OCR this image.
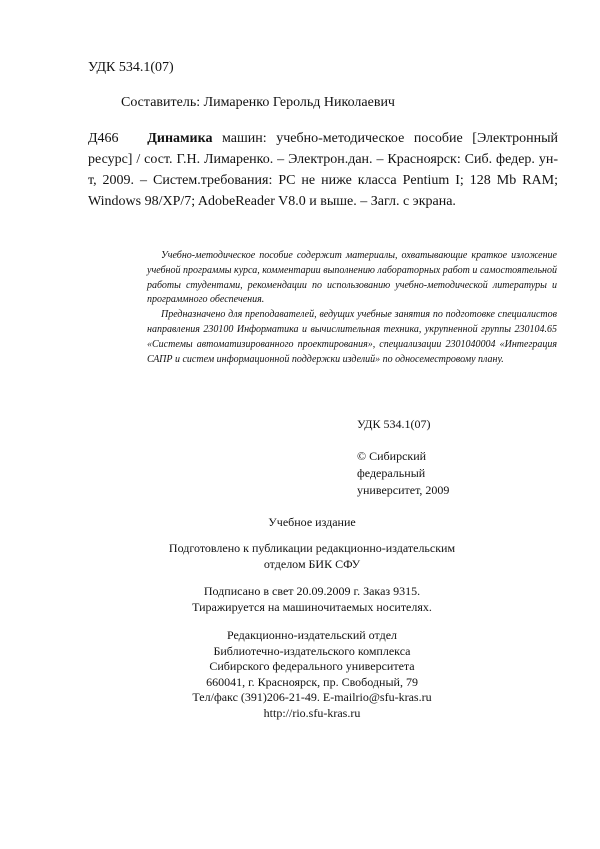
УДК 534.1(07)
Составитель: Лимаренко Герольд Николаевич
Д466 Динамика машин: учебно-методическое пособие [Электронный ресурс] / сост. Г.Н. Лимаренко. – Электрон.дан. – Красноярск: Сиб. федер. ун-т, 2009. – Систем.требования: PC не ниже класса Pentium I; 128 Mb RAM; Windows 98/XP/7; AdobeReader V8.0 и выше. – Загл. с экрана.

Учебно-методическое пособие содержит материалы, охватывающие краткое изложение учебной программы курса, комментарии выполнению лабораторных работ и самостоятельной работы студентами, рекомендации по использованию учебно-методической литературы и программного обеспечения.

Предназначено для преподавателей, ведущих учебные занятия по подготовке специалистов направления 230100 Информатика и вычислительная техника, укрупненной группы 230104.65 «Системы автоматизированного проектирования», специализации 2301040004 «Интеграция САПР и систем информационной поддержки изделий» по односеместровому плану.

УДК 534.1(07)
© Сибирский
федеральный
университет, 2009
Учебное издание
Подготовлено к публикации редакционно-издательским
отделом БИК СФУ
Подписано в свет 20.09.2009 г. Заказ 9315.
Тиражируется на машиночитаемых носителях.
Редакционно-издательский отдел
Библиотечно-издательского комплекса
Сибирского федерального университета
660041, г. Красноярск, пр. Свободный, 79
Тел/факс (391)206-21-49. E-mailrio@sfu-kras.ru
http://rio.sfu-kras.ru
